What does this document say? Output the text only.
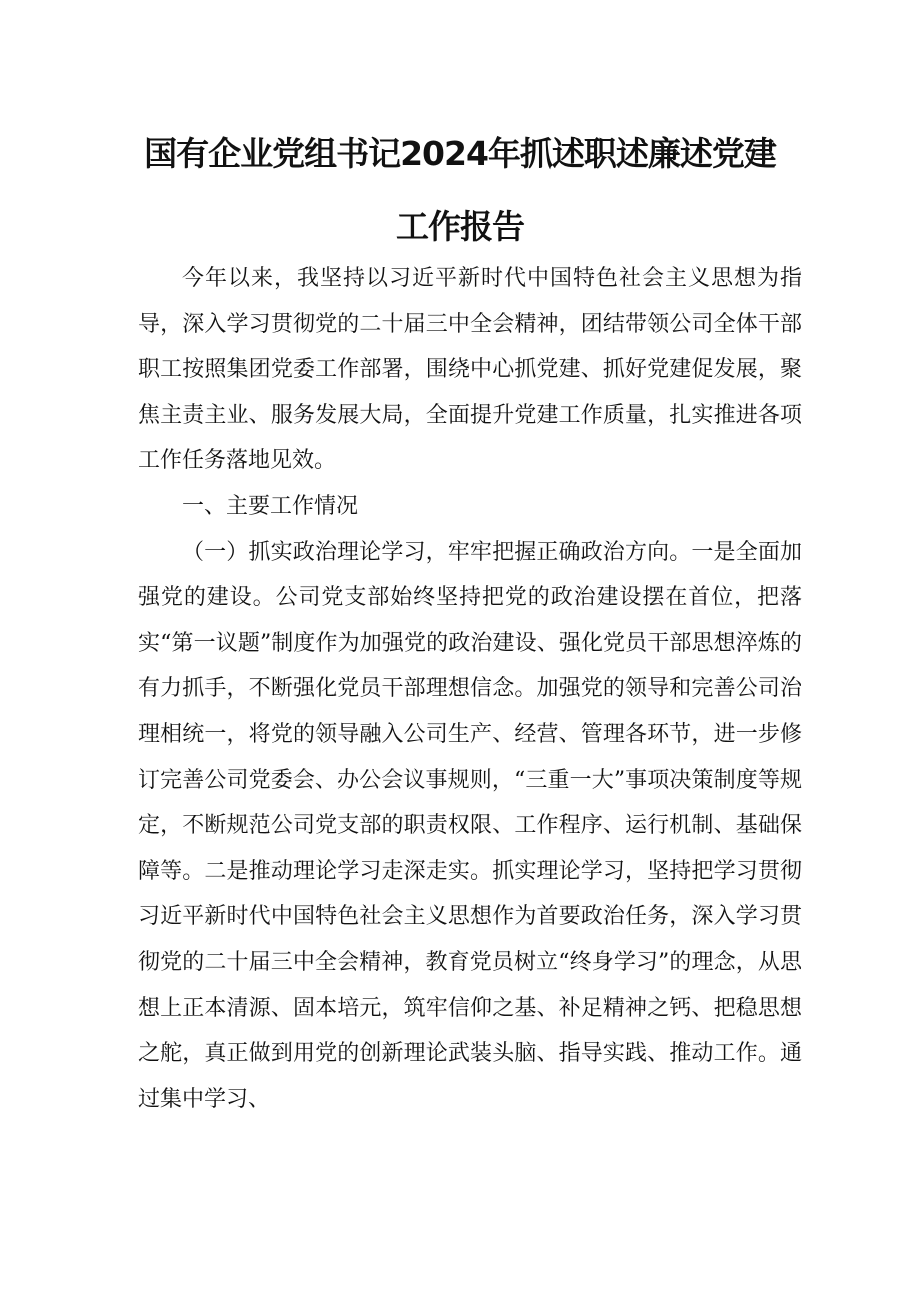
国有企业党组书记2024年抓述职述廉述党建
工作报告

今年以来，我坚持以习近平新时代中国特色社会主义思想为指导，深入学习贯彻党的二十届三中全会精神，团结带领公司全体干部职工按照集团党委工作部署，围绕中心抓党建、抓好党建促发展，聚焦主责主业、服务发展大局，全面提升党建工作质量，扎实推进各项工作任务落地见效。

一、主要工作情况

（一）抓实政治理论学习，牢牢把握正确政治方向。一是全面加强党的建设。公司党支部始终坚持把党的政治建设摆在首位，把落实“第一议题”制度作为加强党的政治建设、强化党员干部思想淬炼的有力抓手，不断强化党员干部理想信念。加强党的领导和完善公司治理相统一，将党的领导融入公司生产、经营、管理各环节，进一步修订完善公司党委会、办公会议事规则，“三重一大”事项决策制度等规定，不断规范公司党支部的职责权限、工作程序、运行机制、基础保障等。二是推动理论学习走深走实。抓实理论学习，坚持把学习贯彻习近平新时代中国特色社会主义思想作为首要政治任务，深入学习贯彻党的二十届三中全会精神，教育党员树立“终身学习”的理念，从思想上正本清源、固本培元，筑牢信仰之基、补足精神之钙、把稳思想之舵，真正做到用党的创新理论武装头脑、指导实践、推动工作。通过集中学习、
